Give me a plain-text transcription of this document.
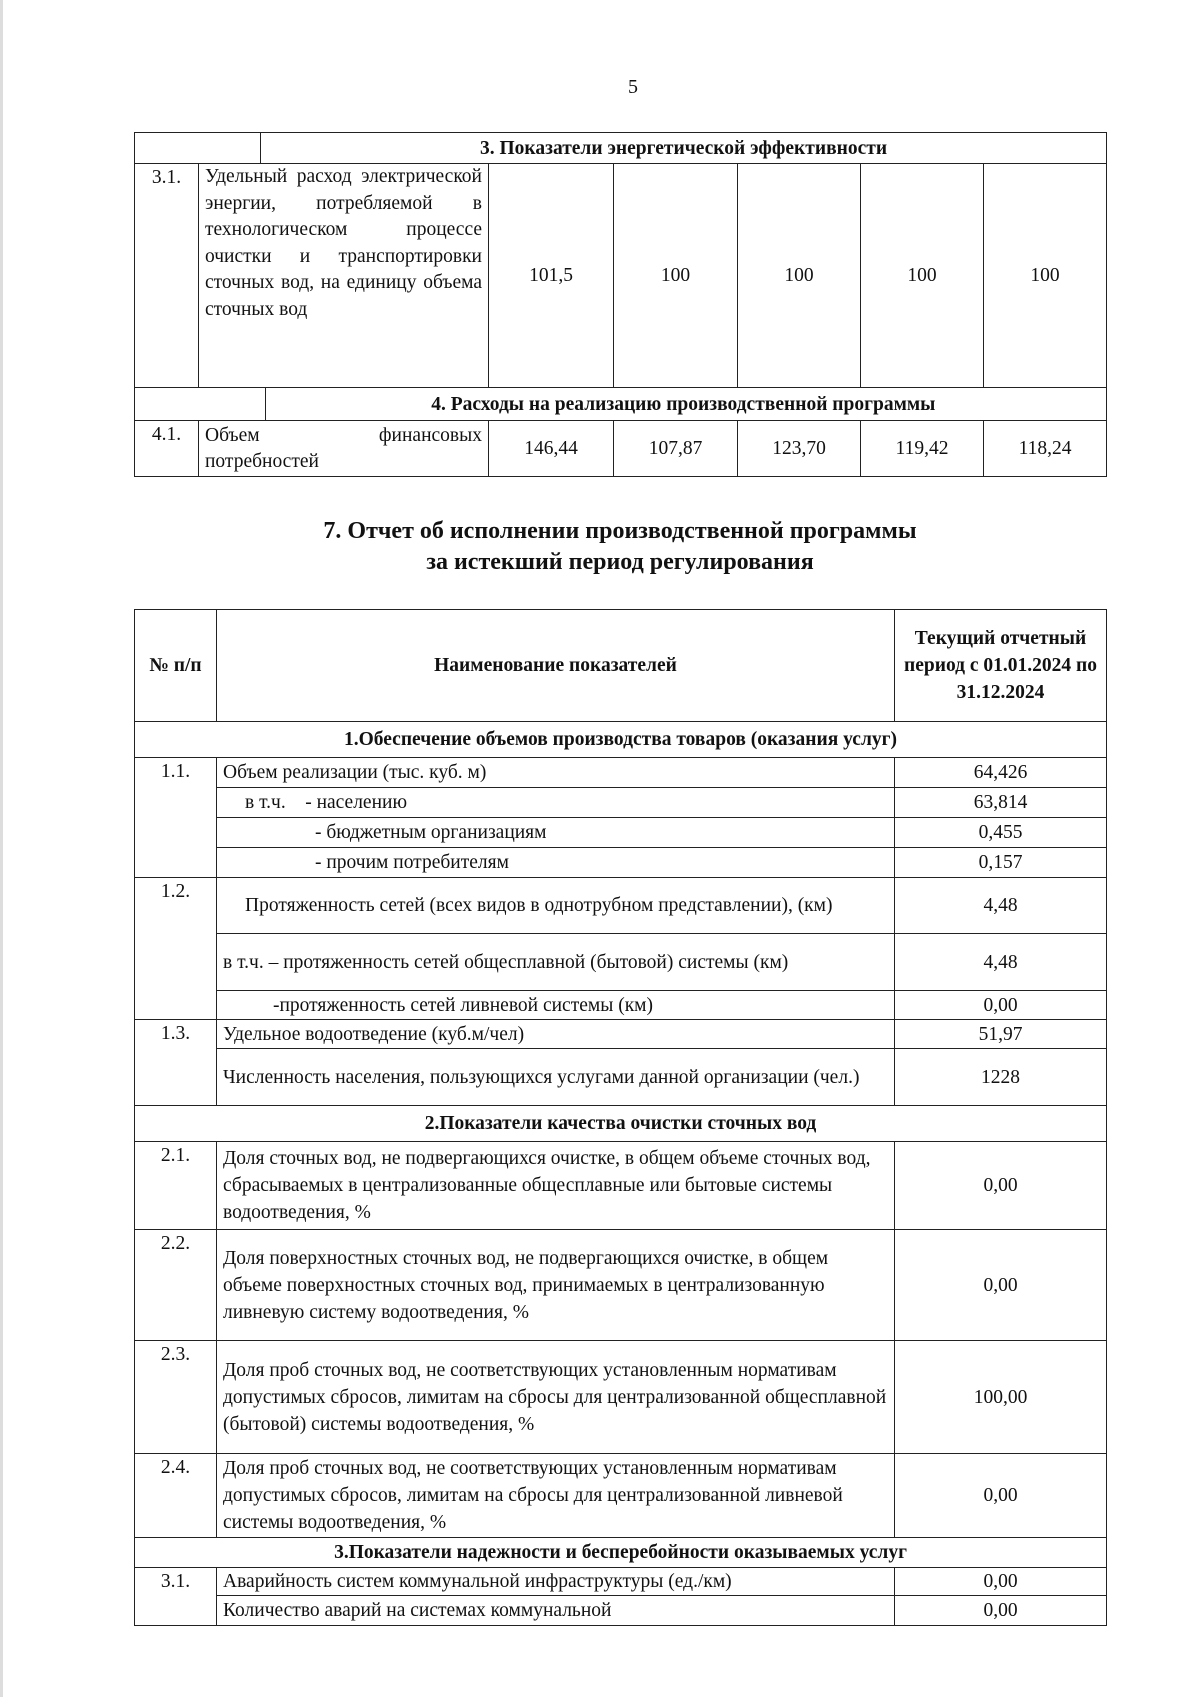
5
		3. Показатели энергетической эффективности					
3.1.	Удельный расход электрической энергии, потребляемой в технологическом процессе очистки и транспортировки сточных вод, на единицу объема сточных вод		101,5	100	100	100	100

		4. Расходы на реализацию производственной программы					
4.1.	Объем финансовых потребностей		146,44	107,87	123,70	119,42	118,24
7. Отчет об исполнении производственной программы
за истекший период регулирования
№ п/п	Наименование показателей	Текущий отчетный период с 01.01.2024 по 31.12.2024
1.Обеспечение объемов производства товаров (оказания услуг)		
1.1.	Объем реализации (тыс. куб. м)	64,426
	в т.ч.    - населению	63,814
	- бюджетным организациям	0,455
	- прочим потребителям	0,157
1.2.	Протяженность сетей (всех видов в однотрубном представлении), (км)	4,48
	в т.ч. – протяженность сетей общесплавной (бытовой) системы (км)	4,48
	-протяженность сетей ливневой системы (км)	0,00
1.3.	Удельное водоотведение (куб.м/чел)	51,97
	Численность населения, пользующихся услугами данной организации (чел.)	1228
2.Показатели качества очистки сточных вод		
2.1.	Доля сточных вод, не подвергающихся очистке, в общем объеме сточных вод, сбрасываемых в централизованные общесплавные или бытовые системы водоотведения, %	0,00
2.2.	Доля поверхностных сточных вод, не подвергающихся очистке, в общем объеме поверхностных сточных вод, принимаемых в централизованную ливневую систему водоотведения, %	0,00
2.3.	Доля проб сточных вод, не соответствующих установленным нормативам допустимых сбросов, лимитам на сбросы для централизованной общесплавной (бытовой) системы водоотведения, %	100,00
2.4.	Доля проб сточных вод, не соответствующих установленным нормативам допустимых сбросов, лимитам на сбросы для централизованной ливневой системы водоотведения, %	0,00
3.Показатели надежности и бесперебойности оказываемых услуг		
3.1.	Аварийность систем коммунальной инфраструктуры (ед./км)	0,00
	Количество аварий на системах коммунальной	0,00
